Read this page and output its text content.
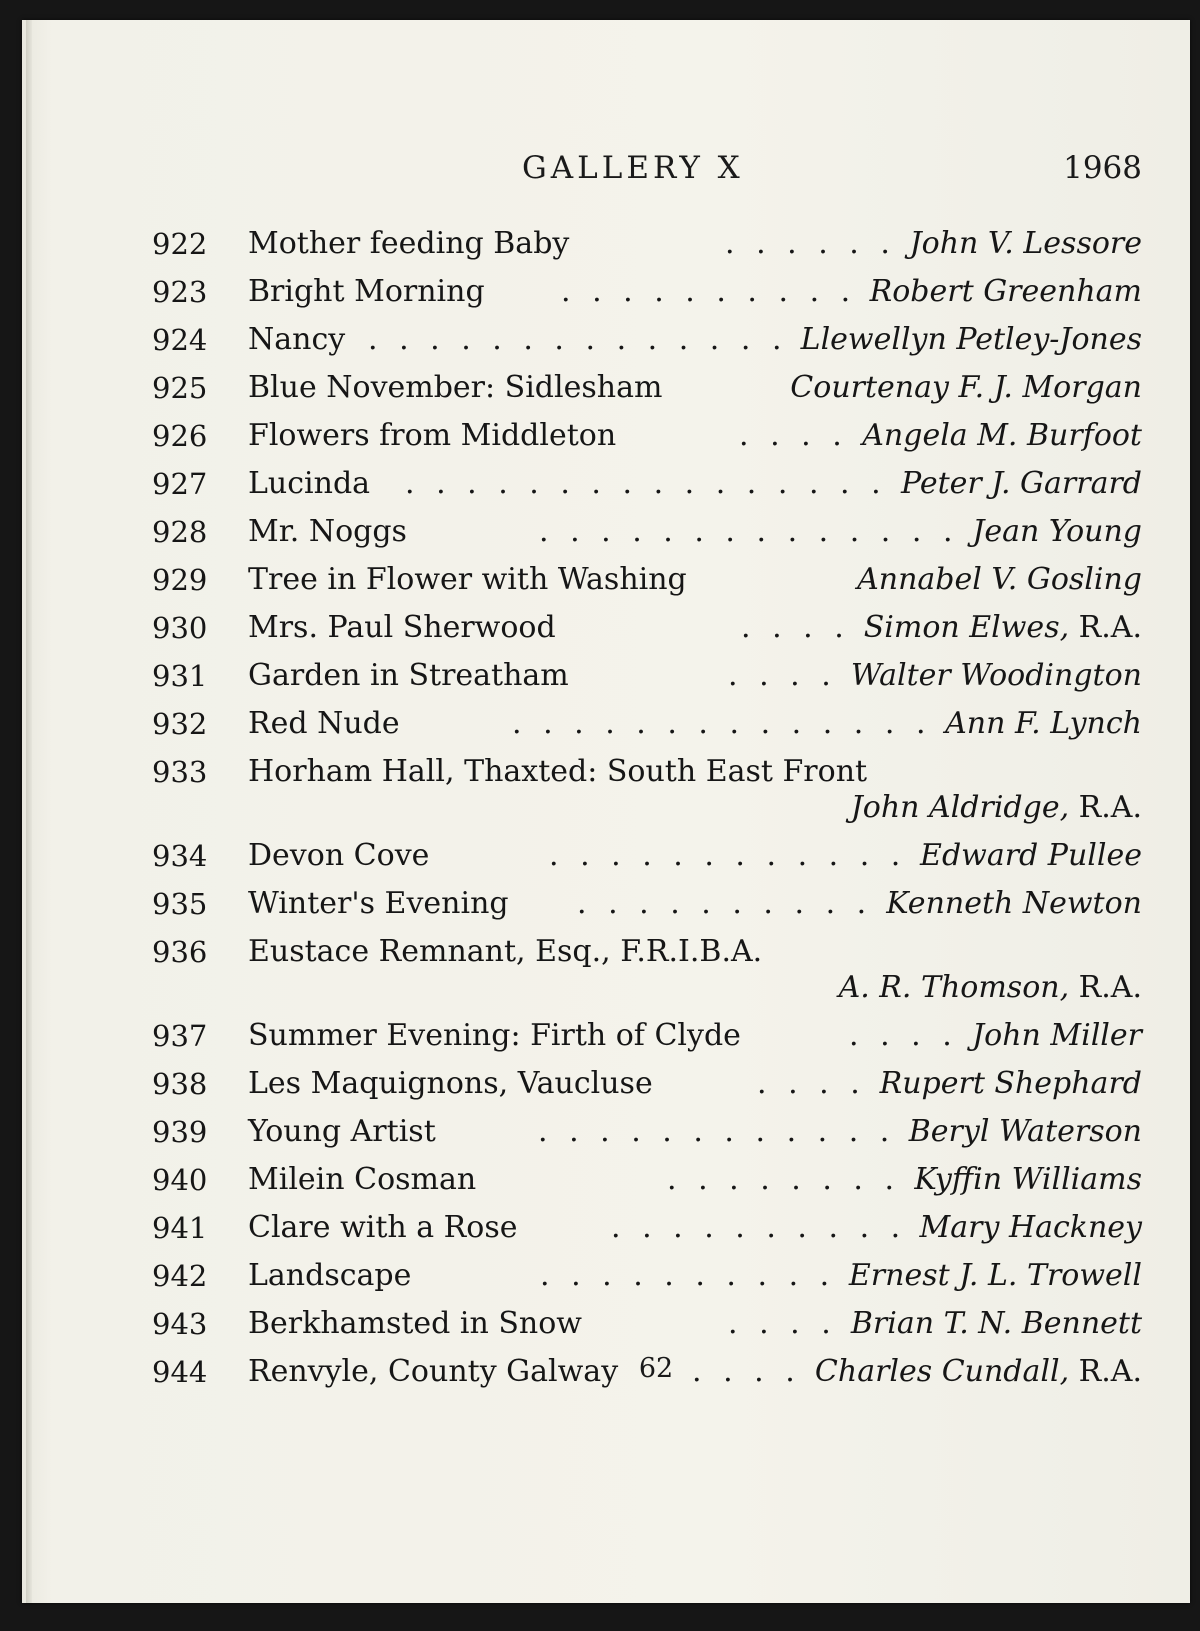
GALLERY X	1968
922	Mother feeding Baby	. . . . . . John V. Lessore
923	Bright Morning	. . . . . . . . . . Robert Greenham
924	Nancy . . . . . . . . . . . . . . Llewellyn Petley-Jones
925	Blue November: Sidlesham	Courtenay F. J. Morgan
926	Flowers from Middleton	. . . . Angela M. Burfoot
927	Lucinda . . . . . . . . . . . . . . . . Peter J. Garrard
928	Mr. Noggs	. . . . . . . . . . . . . . Jean Young
929	Tree in Flower with Washing	Annabel V. Gosling
930	Mrs. Paul Sherwood	. . . . Simon Elwes, R.A.
931	Garden in Streatham	. . . . Walter Woodington
932	Red Nude	. . . . . . . . . . . . . . Ann F. Lynch
933	Horham Hall, Thaxted: South East Front
John Aldridge, R.A.
934	Devon Cove	. . . . . . . . . . . . Edward Pullee
935	Winter's Evening . . . . . . . . . . Kenneth Newton
936	Eustace Remnant, Esq., F.R.I.B.A.
A. R. Thomson, R.A.
937	Summer Evening: Firth of Clyde	. . . . John Miller
938	Les Maquignons, Vaucluse	. . . . Rupert Shephard
939	Young Artist	. . . . . . . . . . . . Beryl Waterson
940	Milein Cosman	. . . . . . . . Kyffin Williams
941	Clare with a Rose	. . . . . . . . . . Mary Hackney
942	Landscape	. . . . . . . . . . Ernest J. L. Trowell
943	Berkhamsted in Snow	. . . . Brian T. N. Bennett
944	Renvyle, County Galway . . . . Charles Cundall, R.A.
62
